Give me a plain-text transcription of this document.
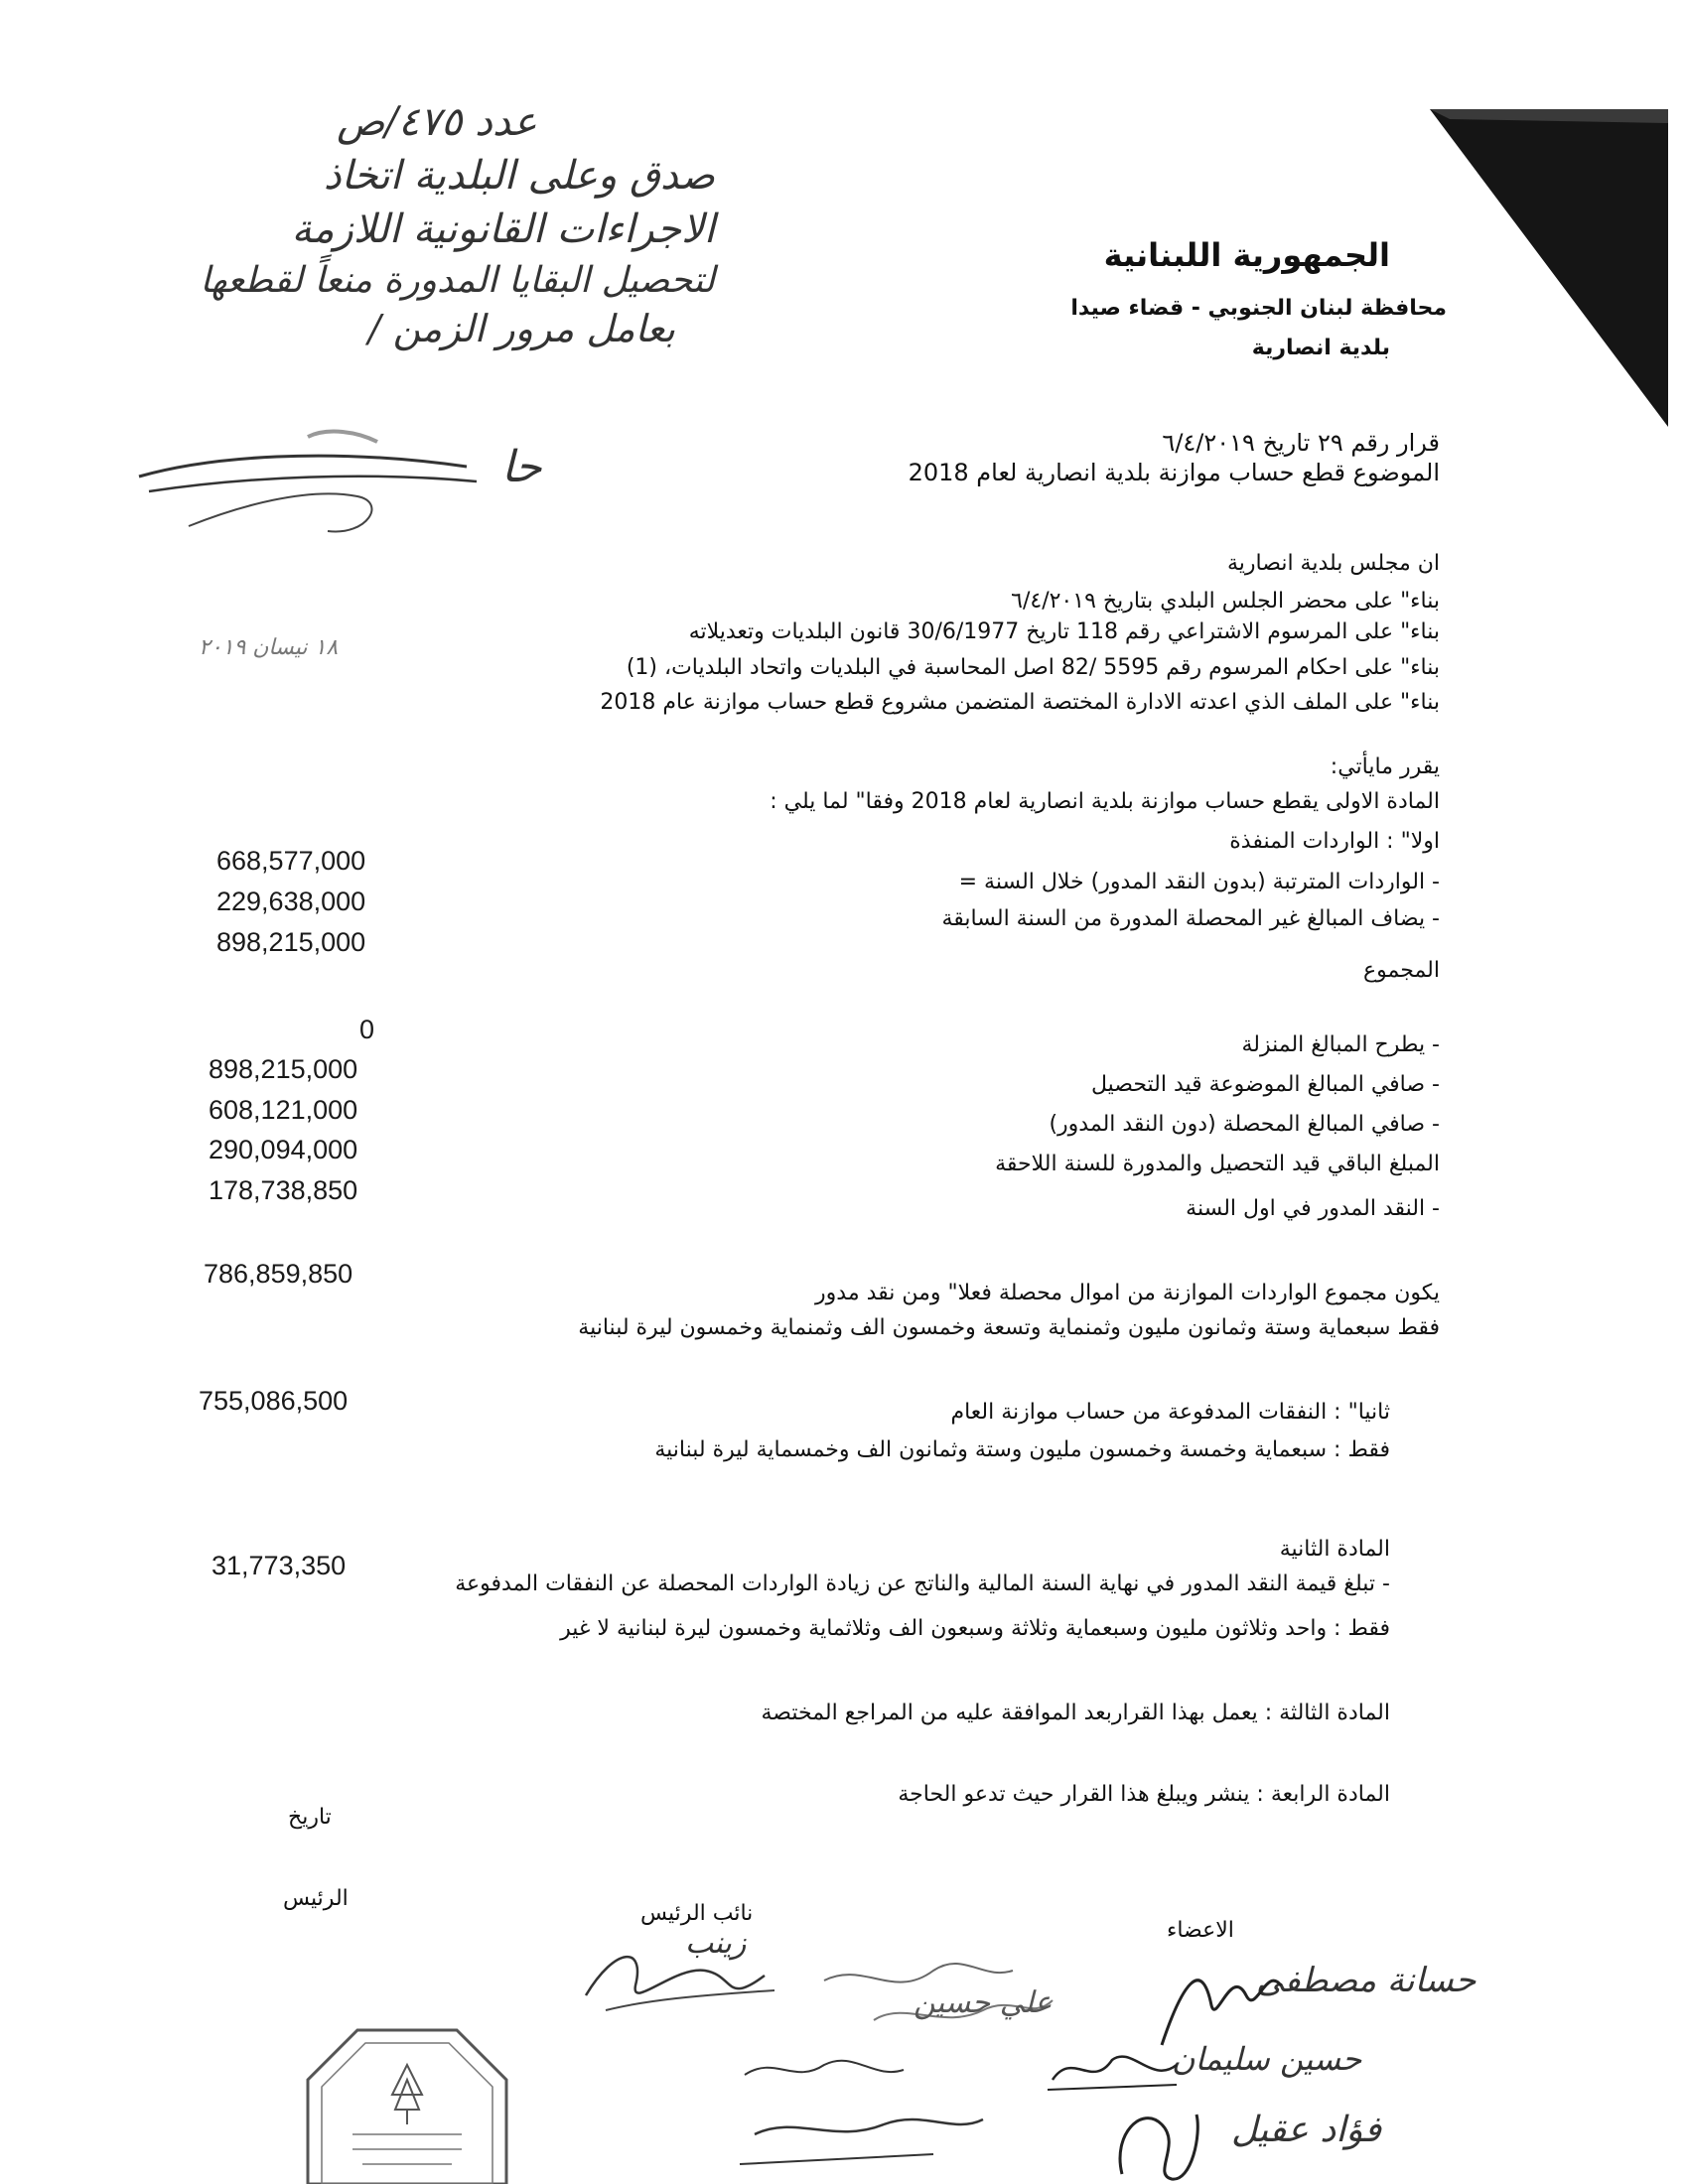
عدد ٤٧٥/ص
صدق وعلى البلدية اتخاذ
الاجراءات القانونية اللازمة
لتحصيل البقايا المدورة منعاً لقطعها
بعامل مرور الزمن /
حا
١٨ نيسان ٢٠١٩
الجمهورية اللبنانية
محافظة لبنان الجنوبي - قضاء صيدا
بلدية انصارية
قرار رقم ٢٩ تاريخ ٦/٤/٢٠١٩
الموضوع قطع حساب موازنة بلدية انصارية لعام 2018
ان مجلس بلدية انصارية
بناء" على محضر الجلس البلدي بتاريخ ٦/٤/٢٠١٩
بناء" على المرسوم الاشتراعي رقم 118 تاريخ 30/6/1977 قانون البلديات وتعديلاته
بناء" على احكام المرسوم رقم 5595 /82 اصل المحاسبة في البلديات واتحاد البلديات، (1)
بناء" على الملف الذي اعدته الادارة المختصة المتضمن مشروع قطع حساب موازنة عام 2018
يقرر مايأتي:
المادة الاولى يقطع حساب موازنة بلدية انصارية لعام 2018 وفقا" لما يلي :
اولا" : الواردات المنفذة
- الواردات المترتبة (بدون النقد المدور) خلال السنة =
- يضاف المبالغ غير المحصلة المدورة من السنة السابقة
المجموع
- يطرح المبالغ المنزلة
- صافي المبالغ الموضوعة قيد التحصيل
- صافي المبالغ المحصلة (دون النقد المدور)
المبلغ الباقي قيد التحصيل والمدورة للسنة اللاحقة
- النقد المدور في اول السنة
يكون مجموع الواردات الموازنة من اموال محصلة فعلا" ومن نقد مدور
فقط سبعماية وستة وثمانون مليون وثمنماية وتسعة وخمسون الف وثمنماية وخمسون ليرة لبنانية
ثانيا" : النفقات المدفوعة من حساب موازنة العام
فقط : سبعماية وخمسة وخمسون مليون وستة وثمانون الف وخمسماية ليرة لبنانية
668,577,000
229,638,000
898,215,000
0
898,215,000
608,121,000
290,094,000
178,738,850
786,859,850
755,086,500
المادة الثانية
- تبلغ قيمة النقد المدور في نهاية السنة المالية والناتج عن زيادة الواردات المحصلة عن النفقات المدفوعة
31,773,350
فقط : واحد وثلاثون مليون وسبعماية وثلاثة وسبعون الف وثلاثماية وخمسون ليرة لبنانية لا غير
المادة الثالثة : يعمل بهذا القراربعد الموافقة عليه من المراجع المختصة
المادة الرابعة : ينشر ويبلغ هذا القرار حيث تدعو الحاجة
تاريخ
الرئيس
نائب الرئيس
الاعضاء
زينب
علي حسين
حسانة مصطفى
حسين سليمان
فؤاد عقيل
